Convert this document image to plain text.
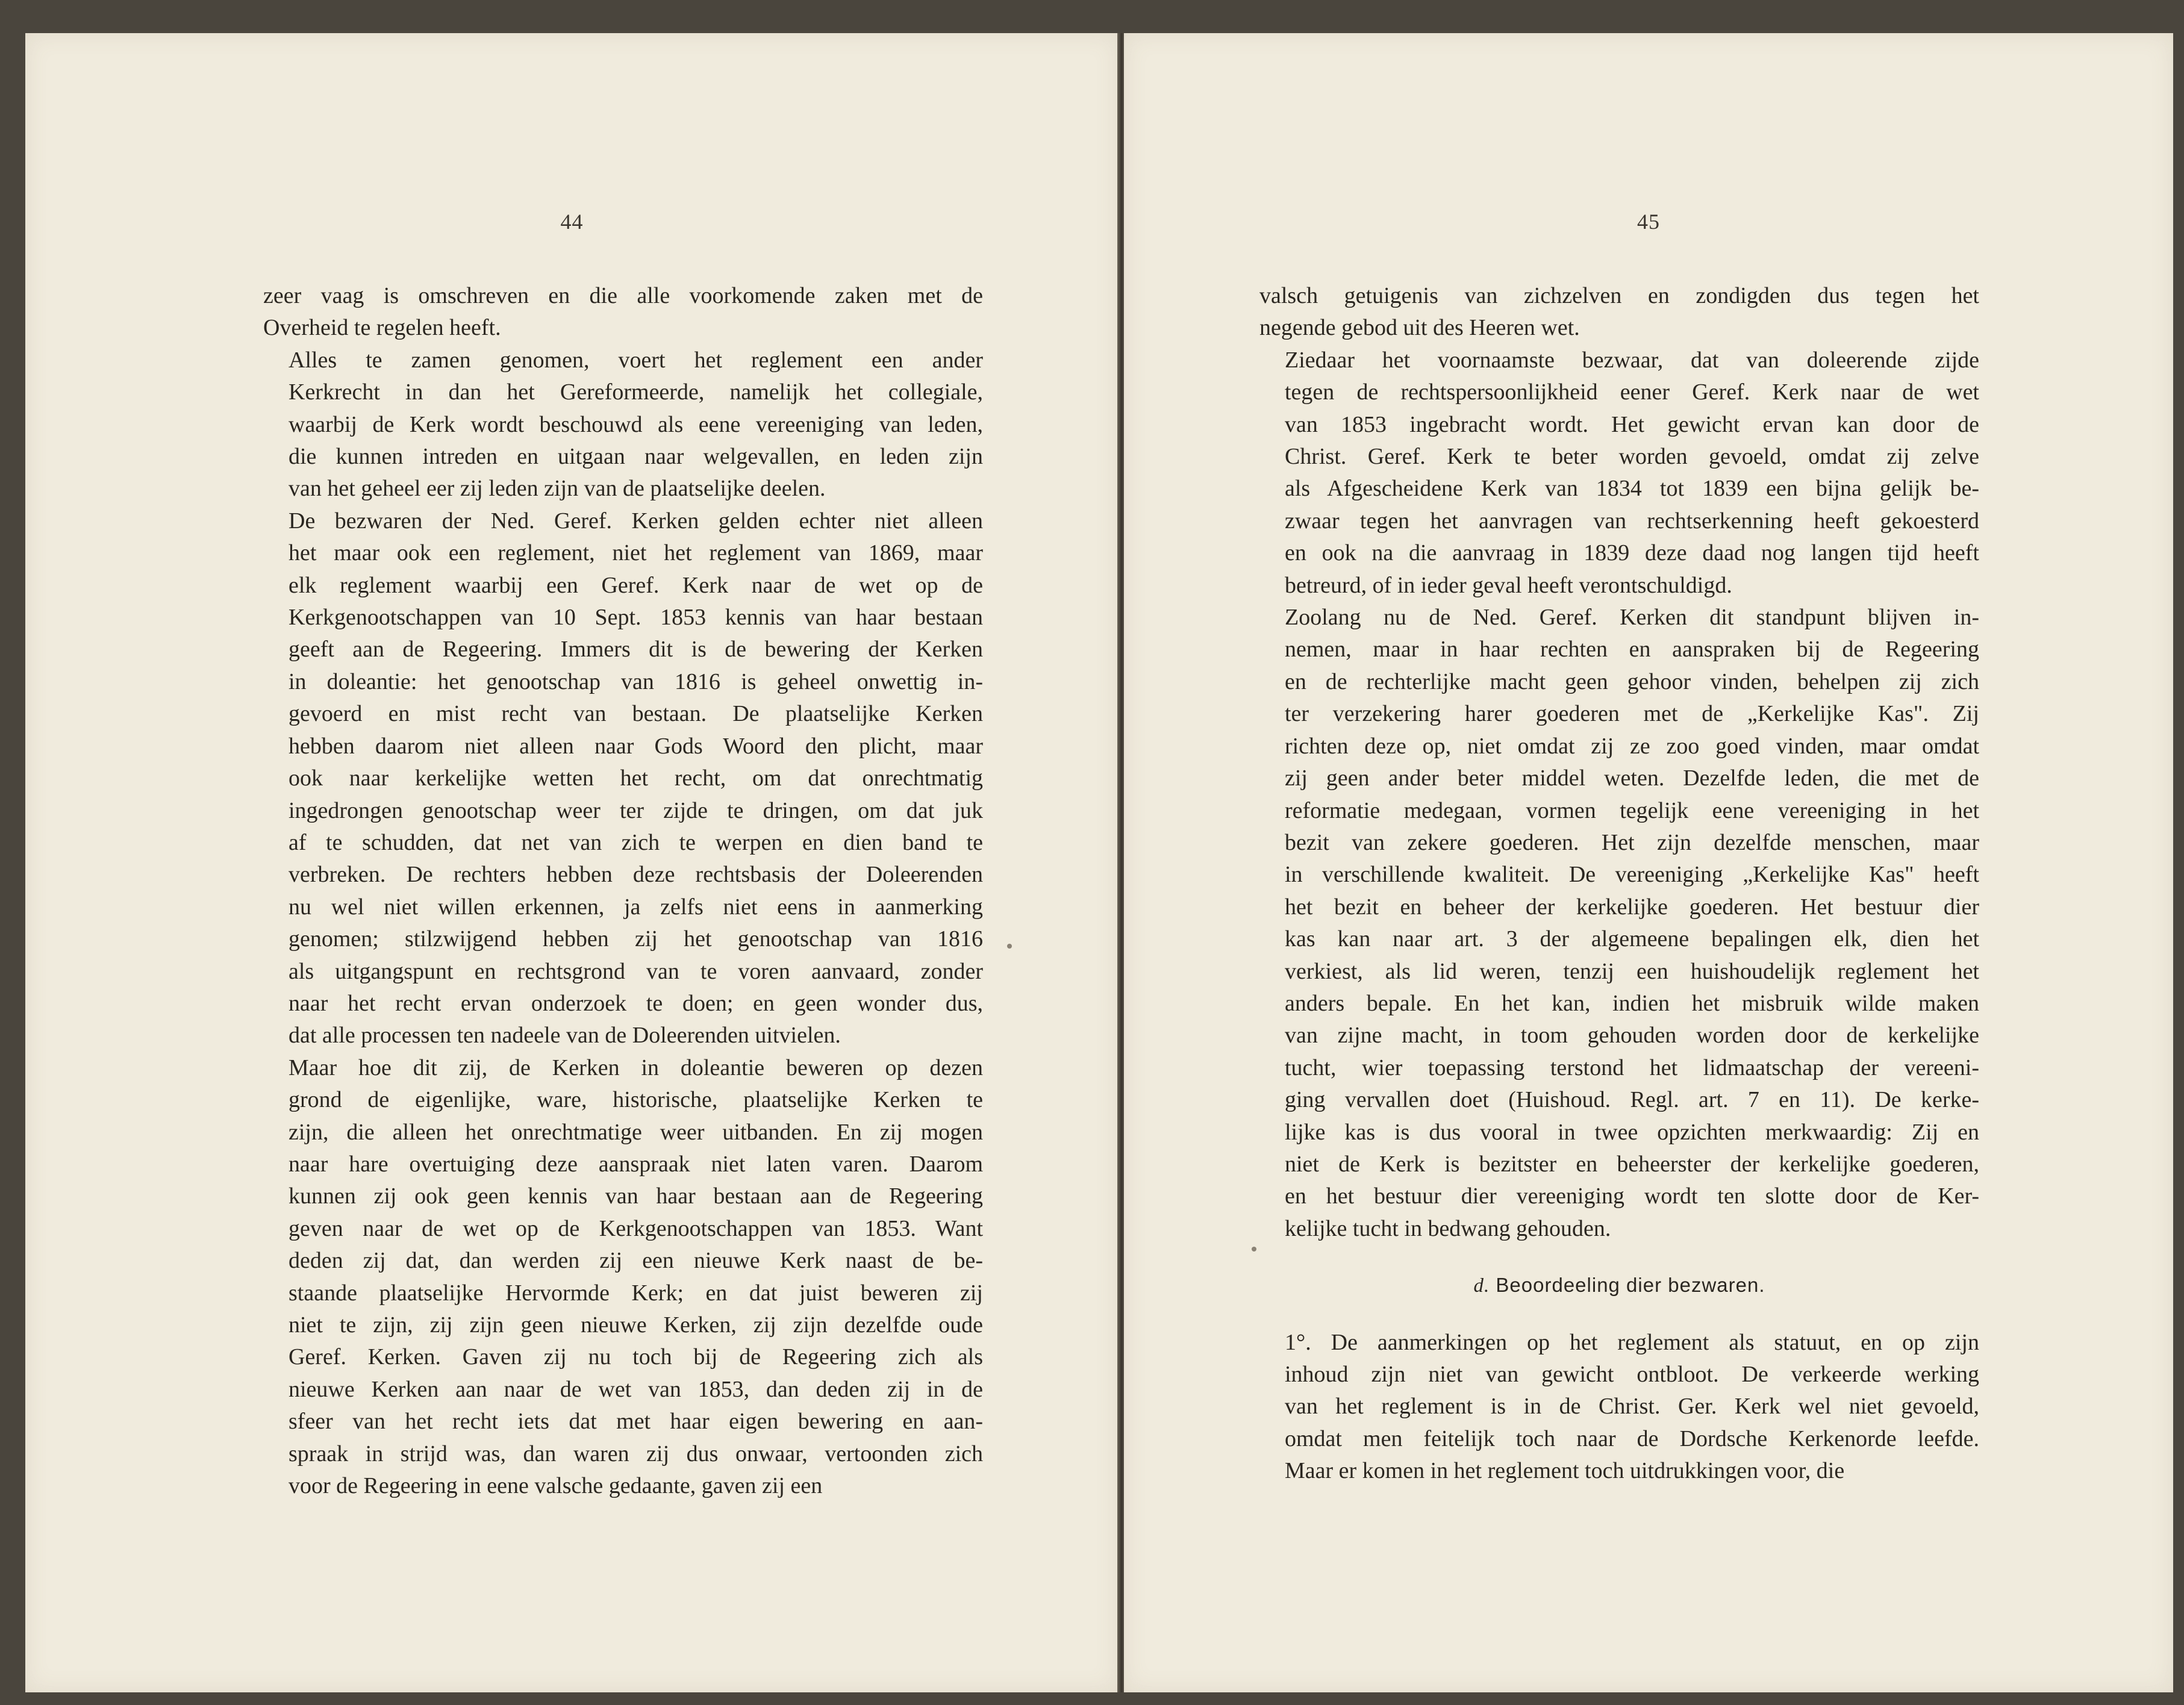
44

zeer vaag is omschreven en die alle voorkomende zaken met de
Overheid te regelen heeft.

Alles te zamen genomen, voert het reglement een ander
Kerkrecht in dan het Gereformeerde, namelijk het collegiale,
waarbij de Kerk wordt beschouwd als eene vereeniging van leden,
die kunnen intreden en uitgaan naar welgevallen, en leden zijn
van het geheel eer zij leden zijn van de plaatselijke deelen.

De bezwaren der Ned. Geref. Kerken gelden echter niet alleen
het maar ook een reglement, niet het reglement van 1869, maar
elk reglement waarbij een Geref. Kerk naar de wet op de
Kerkgenootschappen van 10 Sept. 1853 kennis van haar bestaan
geeft aan de Regeering. Immers dit is de bewering der Kerken
in doleantie: het genootschap van 1816 is geheel onwettig in-
gevoerd en mist recht van bestaan. De plaatselijke Kerken
hebben daarom niet alleen naar Gods Woord den plicht, maar
ook naar kerkelijke wetten het recht, om dat onrechtmatig
ingedrongen genootschap weer ter zijde te dringen, om dat juk
af te schudden, dat net van zich te werpen en dien band te
verbreken. De rechters hebben deze rechtsbasis der Doleerenden
nu wel niet willen erkennen, ja zelfs niet eens in aanmerking
genomen; stilzwijgend hebben zij het genootschap van 1816
als uitgangspunt en rechtsgrond van te voren aanvaard, zonder
naar het recht ervan onderzoek te doen; en geen wonder dus,
dat alle processen ten nadeele van de Doleerenden uitvielen.

Maar hoe dit zij, de Kerken in doleantie beweren op dezen
grond de eigenlijke, ware, historische, plaatselijke Kerken te
zijn, die alleen het onrechtmatige weer uitbanden. En zij mogen
naar hare overtuiging deze aanspraak niet laten varen. Daarom
kunnen zij ook geen kennis van haar bestaan aan de Regeering
geven naar de wet op de Kerkgenootschappen van 1853. Want
deden zij dat, dan werden zij een nieuwe Kerk naast de be-
staande plaatselijke Hervormde Kerk; en dat juist beweren zij
niet te zijn, zij zijn geen nieuwe Kerken, zij zijn dezelfde oude
Geref. Kerken. Gaven zij nu toch bij de Regeering zich als
nieuwe Kerken aan naar de wet van 1853, dan deden zij in de
sfeer van het recht iets dat met haar eigen bewering en aan-
spraak in strijd was, dan waren zij dus onwaar, vertoonden zich
voor de Regeering in eene valsche gedaante, gaven zij een

45

valsch getuigenis van zichzelven en zondigden dus tegen het
negende gebod uit des Heeren wet.

Ziedaar het voornaamste bezwaar, dat van doleerende zijde
tegen de rechtspersoonlijkheid eener Geref. Kerk naar de wet
van 1853 ingebracht wordt. Het gewicht ervan kan door de
Christ. Geref. Kerk te beter worden gevoeld, omdat zij zelve
als Afgescheidene Kerk van 1834 tot 1839 een bijna gelijk be-
zwaar tegen het aanvragen van rechtserkenning heeft gekoesterd
en ook na die aanvraag in 1839 deze daad nog langen tijd heeft
betreurd, of in ieder geval heeft verontschuldigd.

Zoolang nu de Ned. Geref. Kerken dit standpunt blijven in-
nemen, maar in haar rechten en aanspraken bij de Regeering
en de rechterlijke macht geen gehoor vinden, behelpen zij zich
ter verzekering harer goederen met de „Kerkelijke Kas". Zij
richten deze op, niet omdat zij ze zoo goed vinden, maar omdat
zij geen ander beter middel weten. Dezelfde leden, die met de
reformatie medegaan, vormen tegelijk eene vereeniging in het
bezit van zekere goederen. Het zijn dezelfde menschen, maar
in verschillende kwaliteit. De vereeniging „Kerkelijke Kas" heeft
het bezit en beheer der kerkelijke goederen. Het bestuur dier
kas kan naar art. 3 der algemeene bepalingen elk, dien het
verkiest, als lid weren, tenzij een huishoudelijk reglement het
anders bepale. En het kan, indien het misbruik wilde maken
van zijne macht, in toom gehouden worden door de kerkelijke
tucht, wier toepassing terstond het lidmaatschap der vereeni-
ging vervallen doet (Huishoud. Regl. art. 7 en 11). De kerke-
lijke kas is dus vooral in twee opzichten merkwaardig: Zij en
niet de Kerk is bezitster en beheerster der kerkelijke goederen,
en het bestuur dier vereeniging wordt ten slotte door de Ker-
kelijke tucht in bedwang gehouden.

d. Beoordeeling dier bezwaren.

1°. De aanmerkingen op het reglement als statuut, en op zijn
inhoud zijn niet van gewicht ontbloot. De verkeerde werking
van het reglement is in de Christ. Ger. Kerk wel niet gevoeld,
omdat men feitelijk toch naar de Dordsche Kerkenorde leefde.
Maar er komen in het reglement toch uitdrukkingen voor, die
